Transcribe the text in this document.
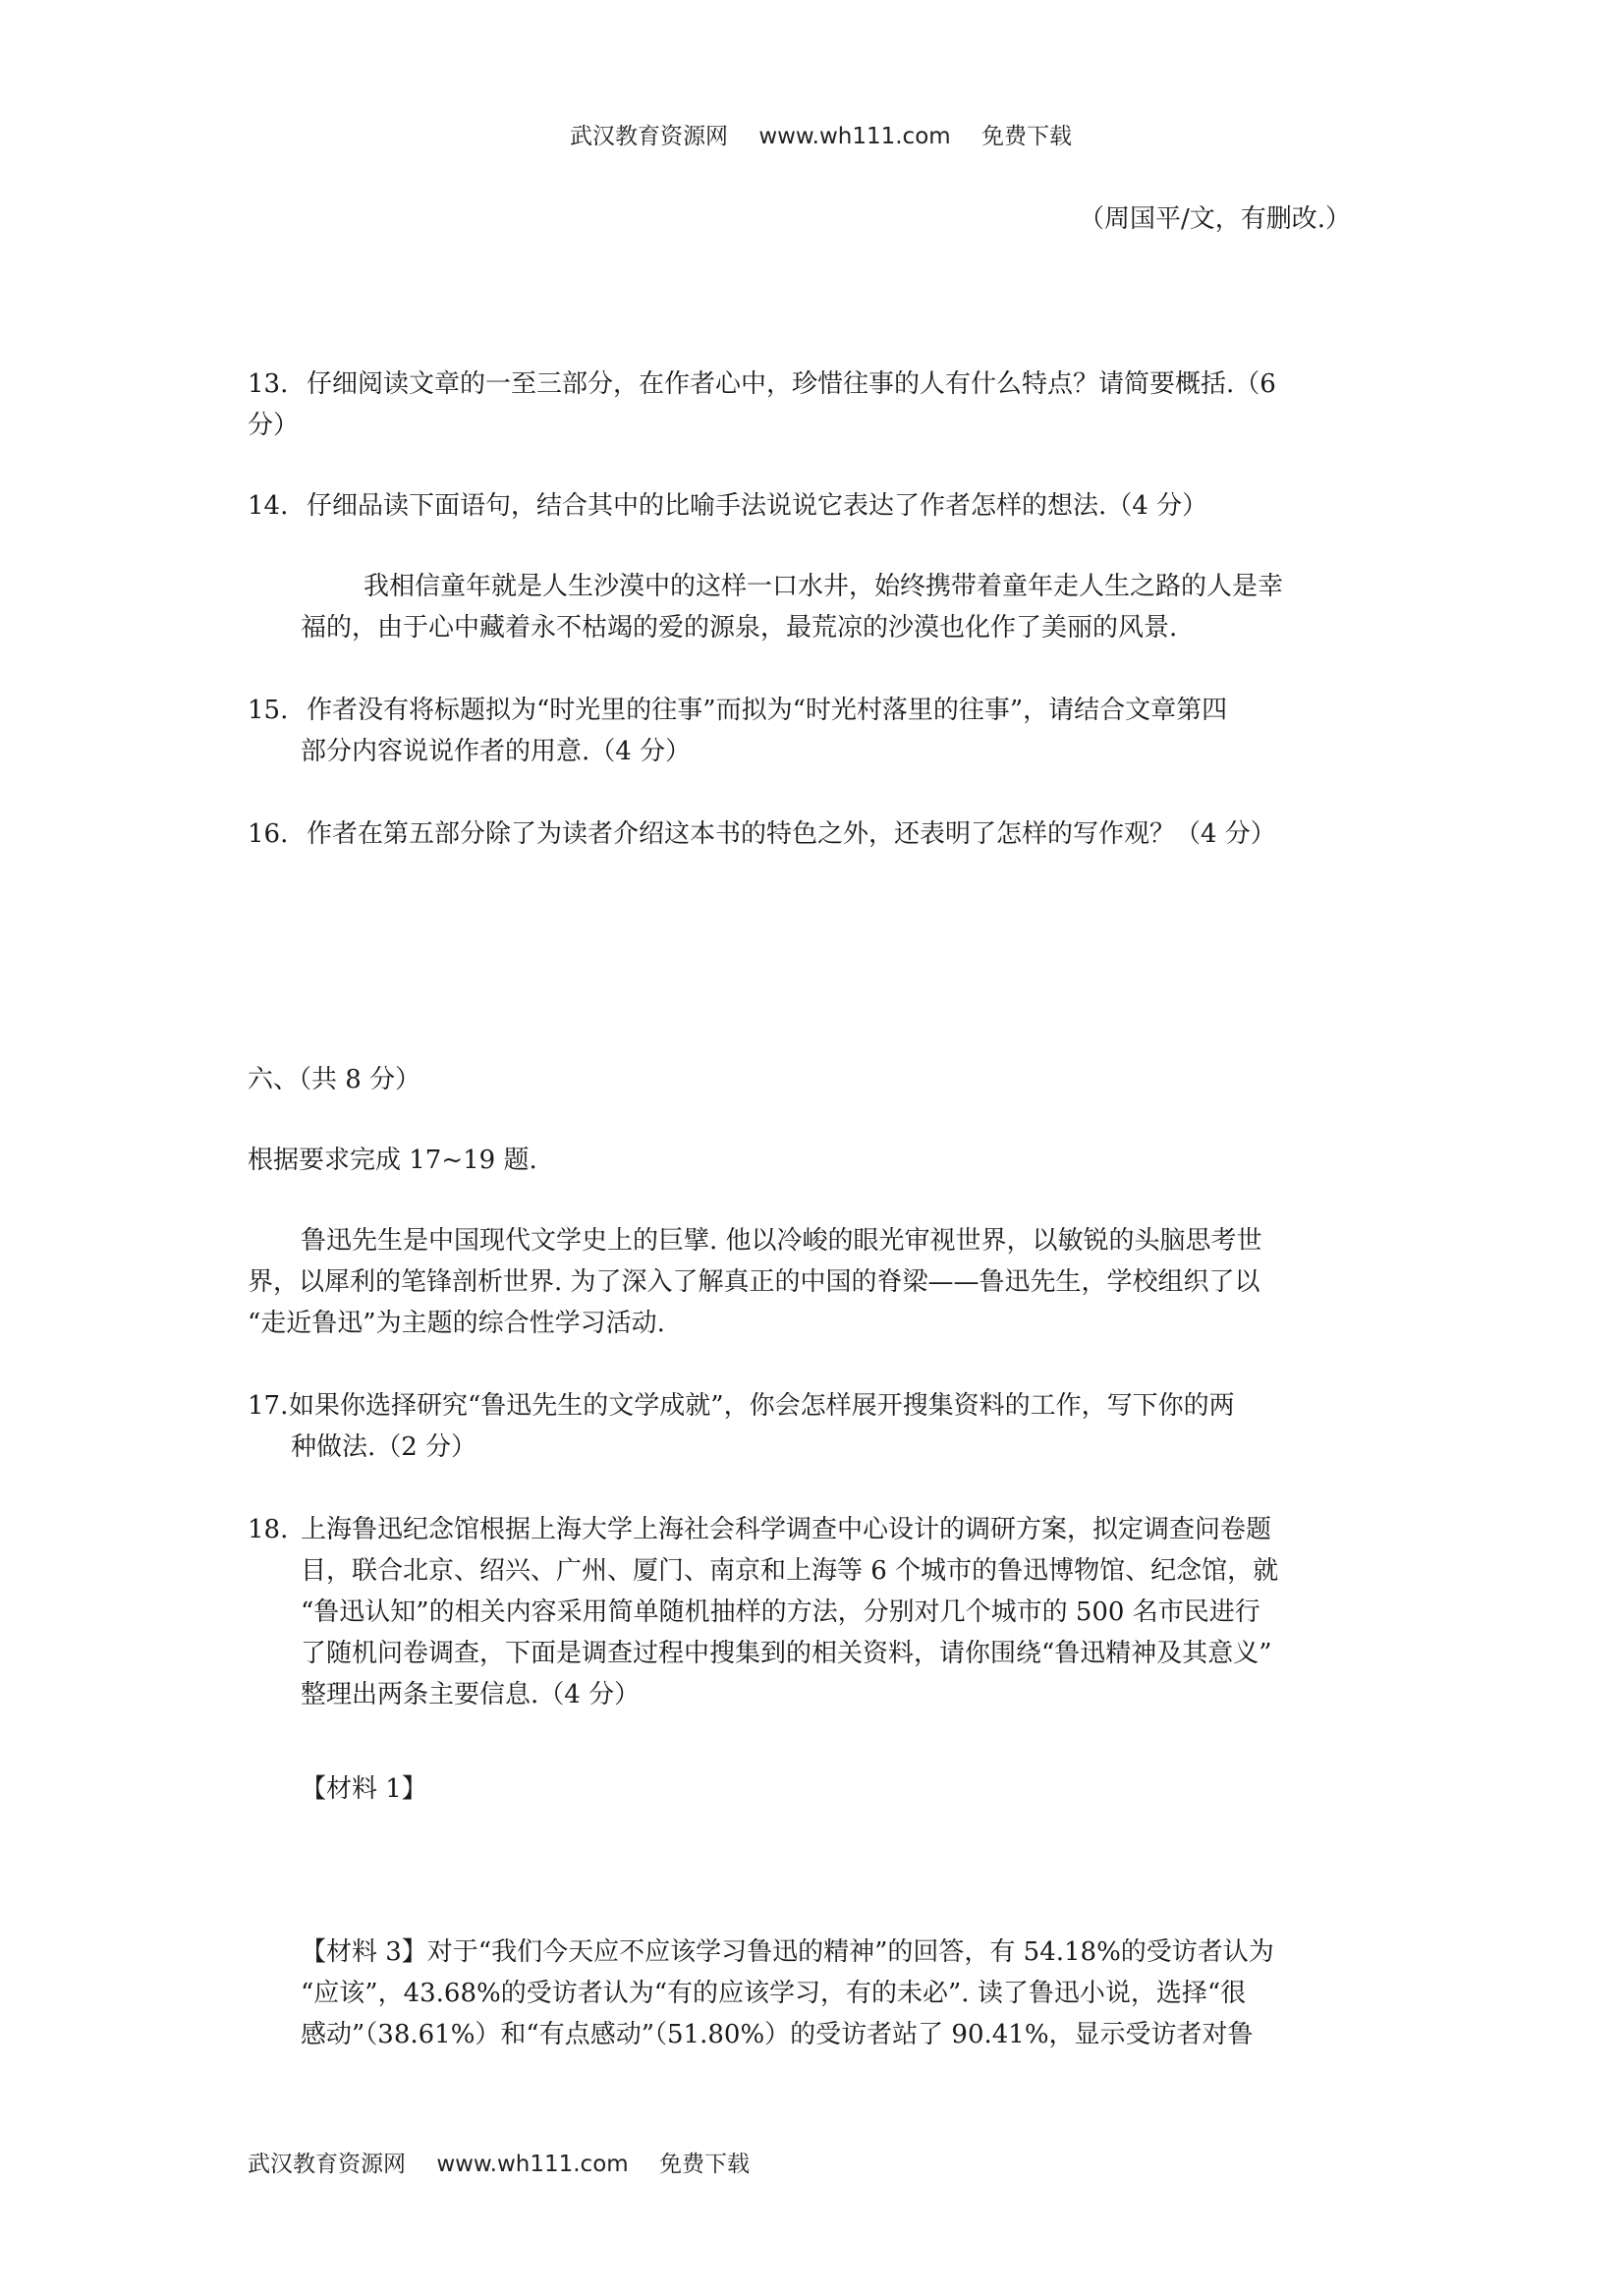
武汉教育资源网 www.wh111.com 免费下载
（周国平/文，有删改.）
13. 仔细阅读文章的一至三部分，在作者心中，珍惜往事的人有什么特点？请简要概括.（6
分）
14. 仔细品读下面语句，结合其中的比喻手法说说它表达了作者怎样的想法.（4 分）
我相信童年就是人生沙漠中的这样一口水井，始终携带着童年走人生之路的人是幸
福的，由于心中藏着永不枯竭的爱的源泉，最荒凉的沙漠也化作了美丽的风景.
15. 作者没有将标题拟为“时光里的往事”而拟为“时光村落里的往事”，请结合文章第四
部分内容说说作者的用意.（4 分）
16. 作者在第五部分除了为读者介绍这本书的特色之外，还表明了怎样的写作观？（4 分）
六、（共 8 分）
根据要求完成 17~19 题.
鲁迅先生是中国现代文学史上的巨擘. 他以冷峻的眼光审视世界，以敏锐的头脑思考世
界，以犀利的笔锋剖析世界. 为了深入了解真正的中国的脊梁——鲁迅先生，学校组织了以
“走近鲁迅”为主题的综合性学习活动.
17. 如果你选择研究“鲁迅先生的文学成就”，你会怎样展开搜集资料的工作，写下你的两
种做法.（2 分）
18. 上海鲁迅纪念馆根据上海大学上海社会科学调查中心设计的调研方案，拟定调查问卷题
目，联合北京、绍兴、广州、厦门、南京和上海等 6 个城市的鲁迅博物馆、纪念馆，就
“鲁迅认知”的相关内容采用简单随机抽样的方法，分别对几个城市的 500 名市民进行
了随机问卷调查，下面是调查过程中搜集到的相关资料，请你围绕“鲁迅精神及其意义”
整理出两条主要信息.（4 分）
【材料 1】
【材料 3】对于“我们今天应不应该学习鲁迅的精神”的回答，有 54.18%的受访者认为
“应该”，43.68%的受访者认为“有的应该学习，有的未必”. 读了鲁迅小说，选择“很
感动”（38.61%）和“有点感动”（51.80%）的受访者站了 90.41%，显示受访者对鲁
武汉教育资源网 www.wh111.com 免费下载
